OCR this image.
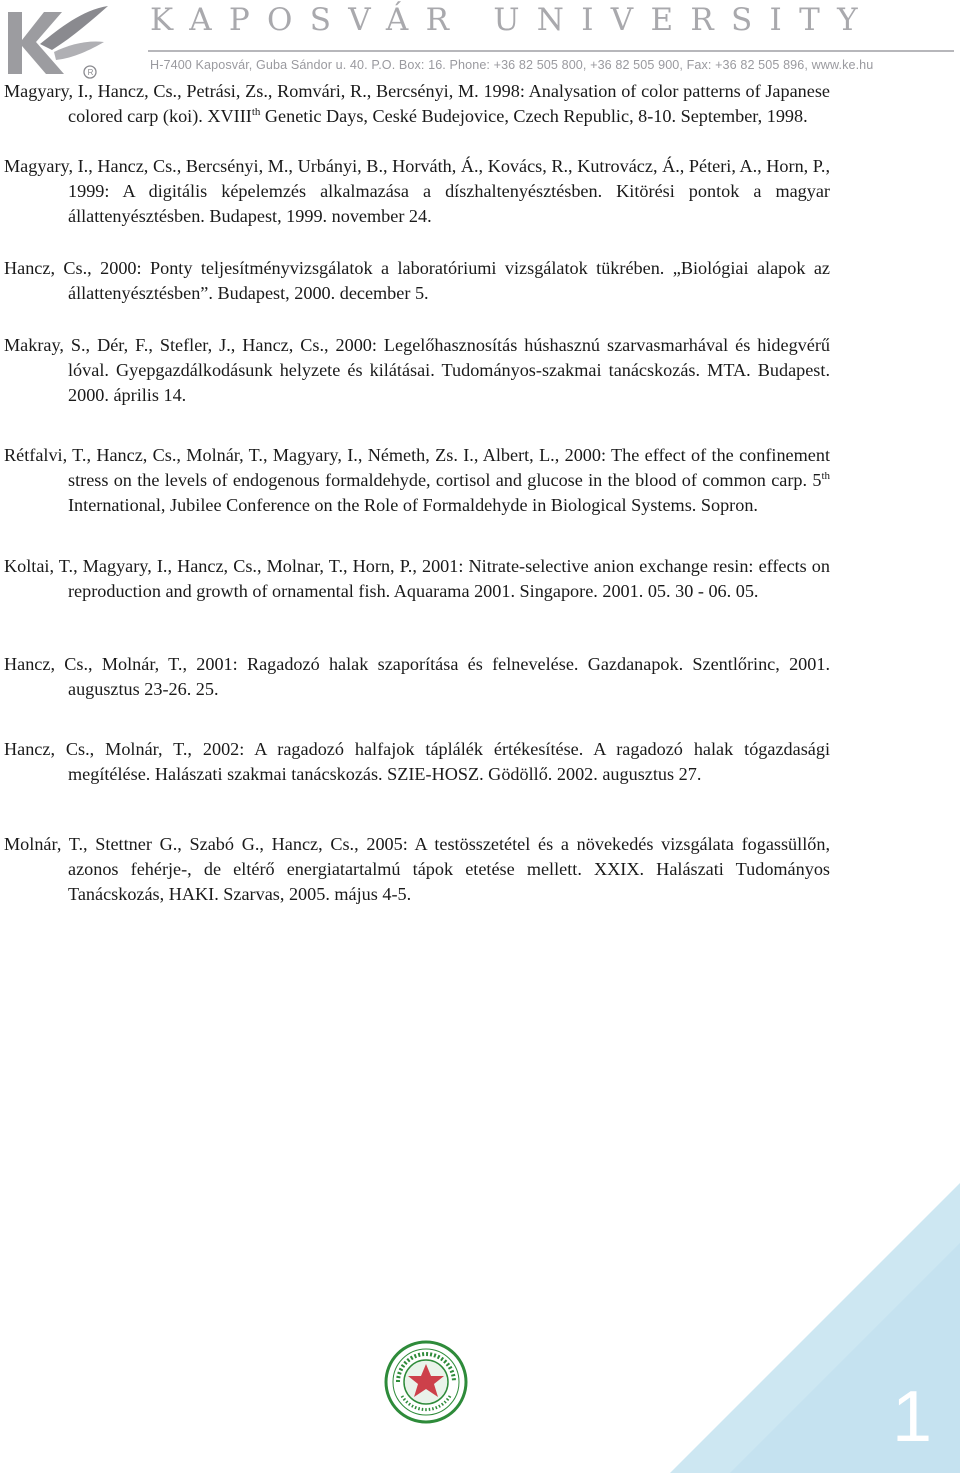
R
KAPOSVÁR UNIVERSITY
H-7400 Kaposvár, Guba Sándor u. 40. P.O. Box: 16. Phone: +36 82 505 800, +36 82 505 900, Fax: +36 82 505 896, www.ke.hu

Magyary, I., Hancz, Cs., Petrási, Zs., Romvári, R., Bercsényi, M. 1998: Analysation of color patterns of Japanese colored carp (koi). XVIIIth Genetic Days, Ceské Budejovice, Czech Republic, 8-10. September, 1998.

Magyary, I., Hancz, Cs., Bercsényi, M., Urbányi, B., Horváth, Á., Kovács, R., Kutrovácz, Á., Péteri, A., Horn, P., 1999: A digitális képelemzés alkalmazása a díszhaltenyésztésben. Kitörési pontok a magyar állattenyésztésben. Budapest, 1999. november 24.

Hancz, Cs., 2000: Ponty teljesítményvizsgálatok a laboratóriumi vizsgálatok tükrében. „Biológiai alapok az állattenyésztésben”. Budapest, 2000. december 5.

Makray, S., Dér, F., Stefler, J., Hancz, Cs., 2000: Legelőhasznosítás húshasznú szarvasmarhával és hidegvérű lóval. Gyepgazdálkodásunk helyzete és kilátásai. Tudományos-szakmai tanácskozás. MTA. Budapest. 2000. április 14.

Rétfalvi, T., Hancz, Cs., Molnár, T., Magyary, I., Németh, Zs. I., Albert, L., 2000: The effect of the confinement stress on the levels of endogenous formaldehyde, cortisol and glucose in the blood of common carp. 5th International, Jubilee Conference on the Role of Formaldehyde in Biological Systems. Sopron.

Koltai, T., Magyary, I., Hancz, Cs., Molnar, T., Horn, P., 2001: Nitrate-selective anion exchange resin: effects on reproduction and growth of ornamental fish. Aquarama 2001. Singapore. 2001. 05. 30 - 06. 05.

Hancz, Cs., Molnár, T., 2001: Ragadozó halak szaporítása és felnevelése. Gazdanapok. Szentlőrinc, 2001. augusztus 23-26. 25.

Hancz, Cs., Molnár, T., 2002: A ragadozó halfajok táplálék értékesítése. A ragadozó halak tógazdasági megítélése. Halászati szakmai tanácskozás. SZIE-HOSZ. Gödöllő. 2002. augusztus 27.

Molnár, T., Stettner G., Szabó G., Hancz, Cs., 2005: A testösszetétel és a növekedés vizsgálata fogassüllőn, azonos fehérje-, de eltérő energiatartalmú tápok etetése mellett. XXIX. Halászati Tudományos Tanácskozás, HAKI. Szarvas, 2005. május 4-5.

1
